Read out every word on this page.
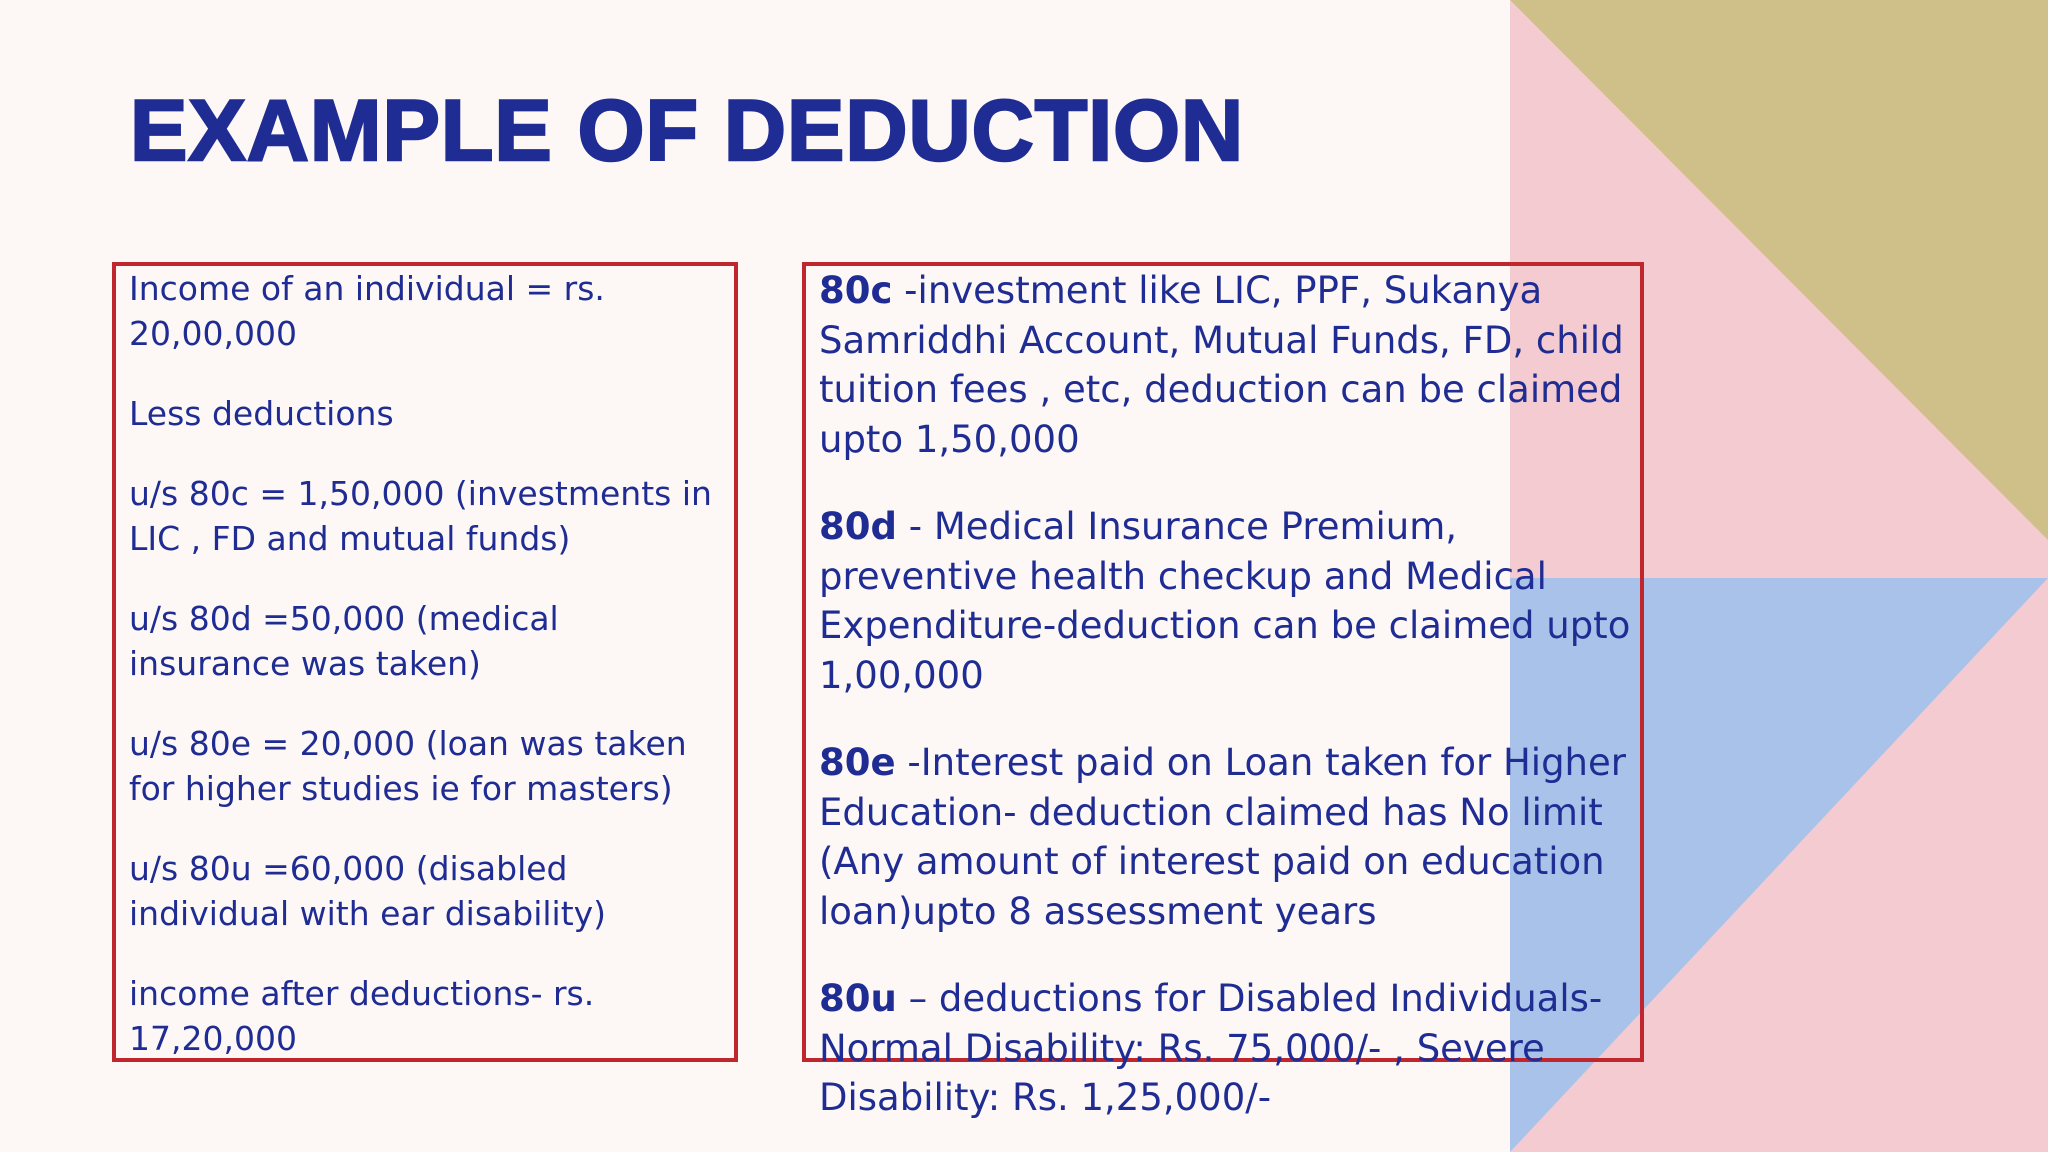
EXAMPLE OF DEDUCTION

Income of an individual = rs. 20,00,000

Less deductions

u/s 80c = 1,50,000 (investments in LIC , FD and mutual funds)

u/s 80d =50,000 (medical insurance was taken)

u/s 80e = 20,000 (loan was taken for higher studies ie for masters)

u/s 80u =60,000 (disabled individual with ear disability)

income after deductions- rs. 17,20,000

80c -investment like LIC, PPF, Sukanya Samriddhi Account, Mutual Funds, FD, child tuition fees , etc, deduction can be claimed upto 1,50,000

80d - Medical Insurance Premium, preventive health checkup and Medical Expenditure-deduction can be claimed upto 1,00,000

80e -Interest paid on Loan taken for Higher Education- deduction claimed has No limit (Any amount of interest paid on education loan)upto 8 assessment years

80u – deductions for Disabled Individuals- Normal Disability: Rs. 75,000/- , Severe Disability: Rs. 1,25,000/-
